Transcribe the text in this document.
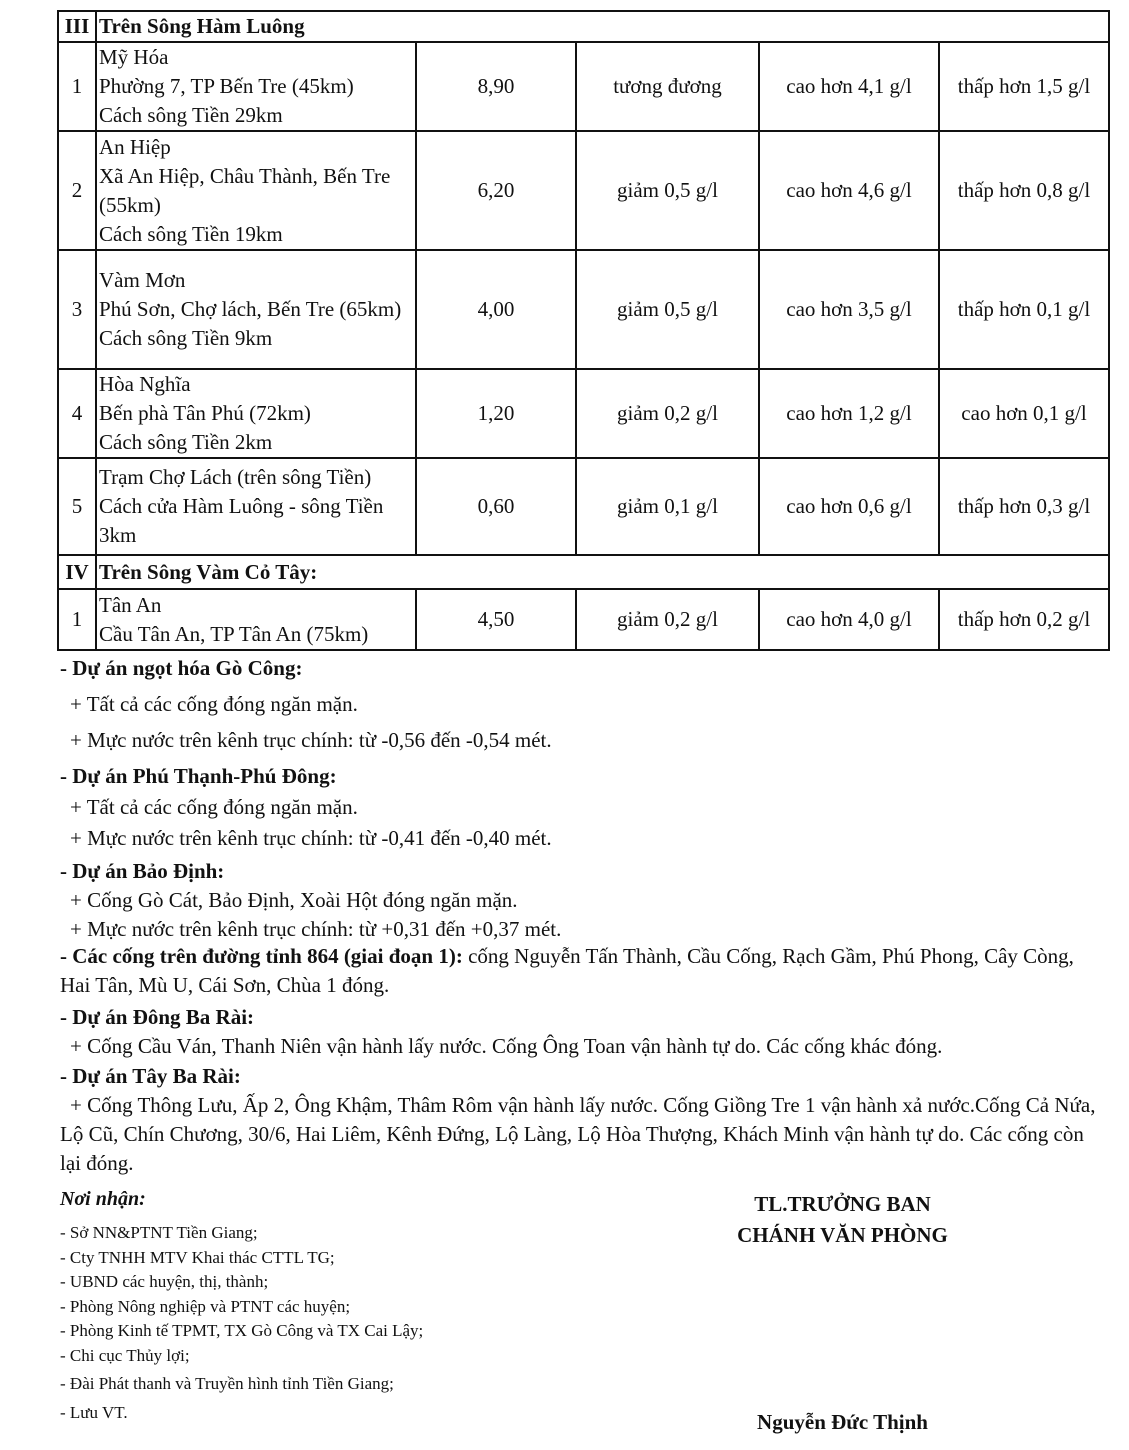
III	Trên Sông Hàm Luông				
1	Mỹ Hóa
Phường 7, TP Bến Tre (45km)
Cách sông Tiền 29km	8,90	tương đương	cao hơn 4,1 g/l	thấp hơn 1,5 g/l
2	An Hiệp
Xã An Hiệp, Châu Thành, Bến Tre (55km)
Cách sông Tiền 19km	6,20	giảm 0,5 g/l	cao hơn 4,6 g/l	thấp hơn 0,8 g/l
3	Vàm Mơn
Phú Sơn, Chợ lách, Bến Tre (65km)
Cách sông Tiền 9km	4,00	giảm 0,5 g/l	cao hơn 3,5 g/l	thấp hơn 0,1 g/l
4	Hòa Nghĩa
Bến phà Tân Phú (72km)
Cách sông Tiền 2km	1,20	giảm 0,2 g/l	cao hơn 1,2 g/l	cao hơn 0,1 g/l
5	Trạm Chợ Lách (trên sông Tiền)
Cách cửa Hàm Luông - sông Tiền 3km	0,60	giảm 0,1 g/l	cao hơn 0,6 g/l	thấp hơn 0,3 g/l
IV	Trên Sông Vàm Cỏ Tây:				
1	Tân An
Cầu Tân An, TP Tân An (75km)	4,50	giảm 0,2 g/l	cao hơn 4,0 g/l	thấp hơn 0,2 g/l

- Dự án ngọt hóa Gò Công:

+ Tất cả các cống đóng ngăn mặn.

+ Mực nước trên kênh trục chính: từ -0,56 đến -0,54 mét.

- Dự án Phú Thạnh-Phú Đông:

+ Tất cả các cống đóng ngăn mặn.

+ Mực nước trên kênh trục chính: từ -0,41 đến -0,40 mét.

- Dự án Bảo Định:

+ Cống Gò Cát, Bảo Định, Xoài Hột đóng ngăn mặn.

+ Mực nước trên kênh trục chính: từ +0,31 đến +0,37 mét.

- Các cống trên đường tỉnh 864 (giai đoạn 1): cống Nguyễn Tấn Thành, Cầu Cống, Rạch Gầm, Phú Phong, Cây Còng, Hai Tân, Mù U, Cái Sơn, Chùa 1 đóng.

- Dự án Đông Ba Rài:

+ Cống Cầu Ván, Thanh Niên vận hành lấy nước. Cống Ông Toan vận hành tự do. Các cống khác đóng.

- Dự án Tây Ba Rài:

+ Cống Thông Lưu, Ấp 2, Ông Khậm, Thâm Rôm vận hành lấy nước. Cống Giồng Tre 1 vận hành xả nước.Cống Cả Nứa, Lộ Cũ, Chín Chương, 30/6, Hai Liêm, Kênh Đứng, Lộ Làng, Lộ Hòa Thượng, Khách Minh vận hành tự do. Các cống còn lại đóng.

Nơi nhận:
- Sở NN&PTNT Tiền Giang;
- Cty TNHH MTV Khai thác CTTL TG;
- UBND các huyện, thị, thành;
- Phòng Nông nghiệp và PTNT các huyện;
- Phòng Kinh tế TPMT, TX Gò Công và TX Cai Lậy;
- Chi cục Thủy lợi;
- Đài Phát thanh và Truyền hình tỉnh Tiền Giang;
- Lưu VT.
TL.TRƯỞNG BAN
CHÁNH VĂN PHÒNG
Nguyễn Đức Thịnh
